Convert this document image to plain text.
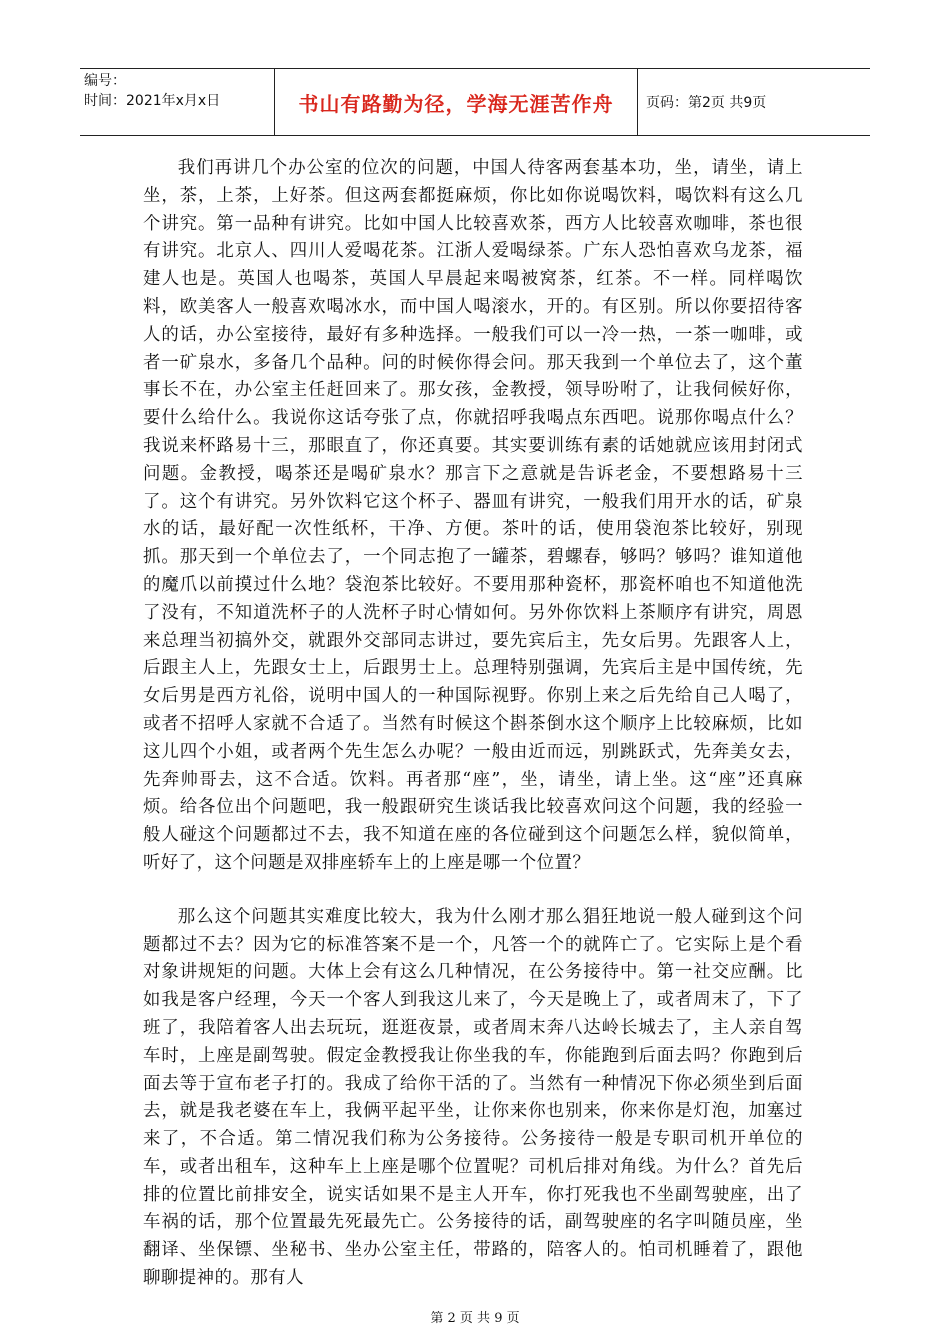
编号：
时间：2021年x月x日	书山有路勤为径，学海无涯苦作舟 页码：第2页 共9页

我们再讲几个办公室的位次的问题，中国人待客两套基本功，坐，请坐，请上坐，茶，上茶，上好茶。但这两套都挺麻烦，你比如你说喝饮料，喝饮料有这么几个讲究。第一品种有讲究。比如中国人比较喜欢茶，西方人比较喜欢咖啡，茶也很有讲究。北京人、四川人爱喝花茶。江浙人爱喝绿茶。广东人恐怕喜欢乌龙茶，福建人也是。英国人也喝茶，英国人早晨起来喝被窝茶，红茶。不一样。同样喝饮料，欧美客人一般喜欢喝冰水，而中国人喝滚水，开的。有区别。所以你要招待客人的话，办公室接待，最好有多种选择。一般我们可以一冷一热，一茶一咖啡，或者一矿泉水，多备几个品种。问的时候你得会问。那天我到一个单位去了，这个董事长不在，办公室主任赶回来了。那女孩，金教授，领导吩咐了，让我伺候好你，要什么给什么。我说你这话夸张了点，你就招呼我喝点东西吧。说那你喝点什么？我说来杯路易十三，那眼直了，你还真要。其实要训练有素的话她就应该用封闭式问题。金教授，喝茶还是喝矿泉水？那言下之意就是告诉老金，不要想路易十三了。这个有讲究。另外饮料它这个杯子、器皿有讲究，一般我们用开水的话，矿泉水的话，最好配一次性纸杯，干净、方便。茶叶的话，使用袋泡茶比较好，别现抓。那天到一个单位去了，一个同志抱了一罐茶，碧螺春，够吗？够吗？谁知道他的魔爪以前摸过什么地？袋泡茶比较好。不要用那种瓷杯，那瓷杯咱也不知道他洗了没有，不知道洗杯子的人洗杯子时心情如何。另外你饮料上茶顺序有讲究，周恩来总理当初搞外交，就跟外交部同志讲过，要先宾后主，先女后男。先跟客人上，后跟主人上，先跟女士上，后跟男士上。总理特别强调，先宾后主是中国传统，先女后男是西方礼俗，说明中国人的一种国际视野。你别上来之后先给自己人喝了，或者不招呼人家就不合适了。当然有时候这个斟茶倒水这个顺序上比较麻烦，比如这儿四个小姐，或者两个先生怎么办呢？一般由近而远，别跳跃式，先奔美女去，先奔帅哥去，这不合适。饮料。再者那“座”，坐，请坐，请上坐。这“座”还真麻烦。给各位出个问题吧，我一般跟研究生谈话我比较喜欢问这个问题，我的经验一般人碰这个问题都过不去，我不知道在座的各位碰到这个问题怎么样，貌似简单，听好了，这个问题是双排座轿车上的上座是哪一个位置？

那么这个问题其实难度比较大，我为什么刚才那么猖狂地说一般人碰到这个问题都过不去？因为它的标准答案不是一个，凡答一个的就阵亡了。它实际上是个看对象讲规矩的问题。大体上会有这么几种情况，在公务接待中。第一社交应酬。比如我是客户经理，今天一个客人到我这儿来了，今天是晚上了，或者周末了，下了班了，我陪着客人出去玩玩，逛逛夜景，或者周末奔八达岭长城去了，主人亲自驾车时，上座是副驾驶。假定金教授我让你坐我的车，你能跑到后面去吗？你跑到后面去等于宣布老子打的。我成了给你干活的了。当然有一种情况下你必须坐到后面去，就是我老婆在车上，我俩平起平坐，让你来你也别来，你来你是灯泡，加塞过来了，不合适。第二情况我们称为公务接待。公务接待一般是专职司机开单位的车，或者出租车，这种车上上座是哪个位置呢？司机后排对角线。为什么？首先后排的位置比前排安全，说实话如果不是主人开车，你打死我也不坐副驾驶座，出了车祸的话，那个位置最先死最先亡。公务接待的话，副驾驶座的名字叫随员座，坐翻译、坐保镖、坐秘书、坐办公室主任，带路的，陪客人的。怕司机睡着了，跟他聊聊提神的。那有人

第 2 页 共 9 页
